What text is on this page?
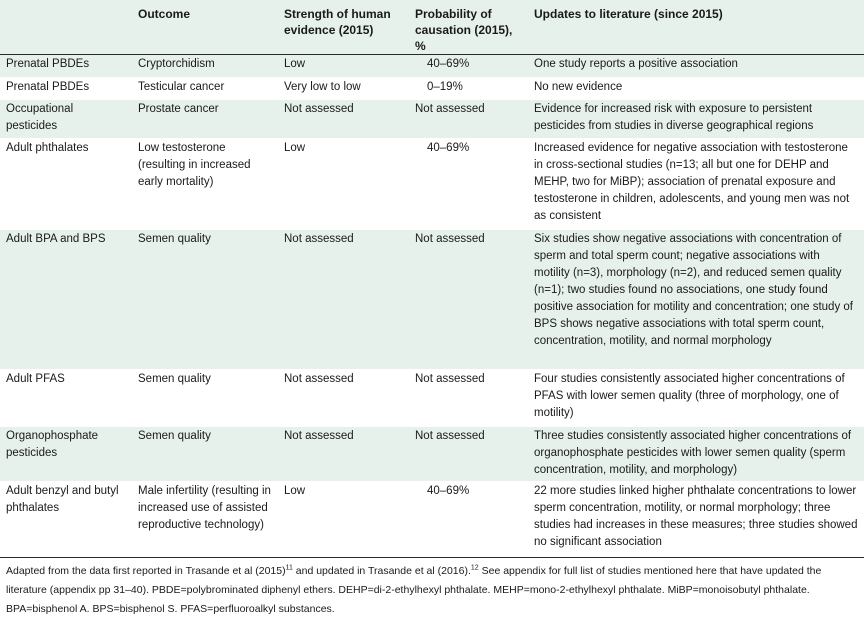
	Outcome	Strength of human evidence (2015)	Probability of causation (2015), %	Updates to literature (since 2015)
Prenatal PBDEs	Cryptorchidism	Low	40–69%	One study reports a positive association
Prenatal PBDEs	Testicular cancer	Very low to low	0–19%	No new evidence
Occupational pesticides	Prostate cancer	Not assessed	Not assessed	Evidence for increased risk with exposure to persistent pesticides from studies in diverse geographical regions
Adult phthalates	Low testosterone (resulting in increased early mortality)	Low	40–69%	Increased evidence for negative association with testosterone in cross-sectional studies (n=13; all but one for DEHP and MEHP, two for MiBP); association of prenatal exposure and testosterone in children, adolescents, and young men was not as consistent
Adult BPA and BPS	Semen quality	Not assessed	Not assessed	Six studies show negative associations with concentration of sperm and total sperm count; negative associations with motility (n=3), morphology (n=2), and reduced semen quality (n=1); two studies found no associations, one study found positive association for motility and concentration; one study of BPS shows negative associations with total sperm count, concentration, motility, and normal morphology
Adult PFAS	Semen quality	Not assessed	Not assessed	Four studies consistently associated higher concentrations of PFAS with lower semen quality (three of morphology, one of motility)
Organophosphate pesticides	Semen quality	Not assessed	Not assessed	Three studies consistently associated higher concentrations of organophosphate pesticides with lower semen quality (sperm concentration, motility, and morphology)
Adult benzyl and butyl phthalates	Male infertility (resulting in increased use of assisted reproductive technology)	Low	40–69%	22 more studies linked higher phthalate concentrations to lower sperm concentration, motility, or normal morphology; three studies had increases in these measures; three studies showed no significant association
Adapted from the data first reported in Trasande et al $(2015)^{11}$ and updated in Trasande et al (2016).$^{12}$ See appendix for full list of studies mentioned here that have updated the literature (appendix pp 31–40). PBDE=polybrominated diphenyl ethers. DEHP=di-2-ethylhexyl phthalate. MEHP=mono-2-ethylhexyl phthalate. MiBP=monoisobutyl phthalate. BPA=bisphenol A. BPS=bisphenol S. PFAS=perfluoroalkyl substances.
